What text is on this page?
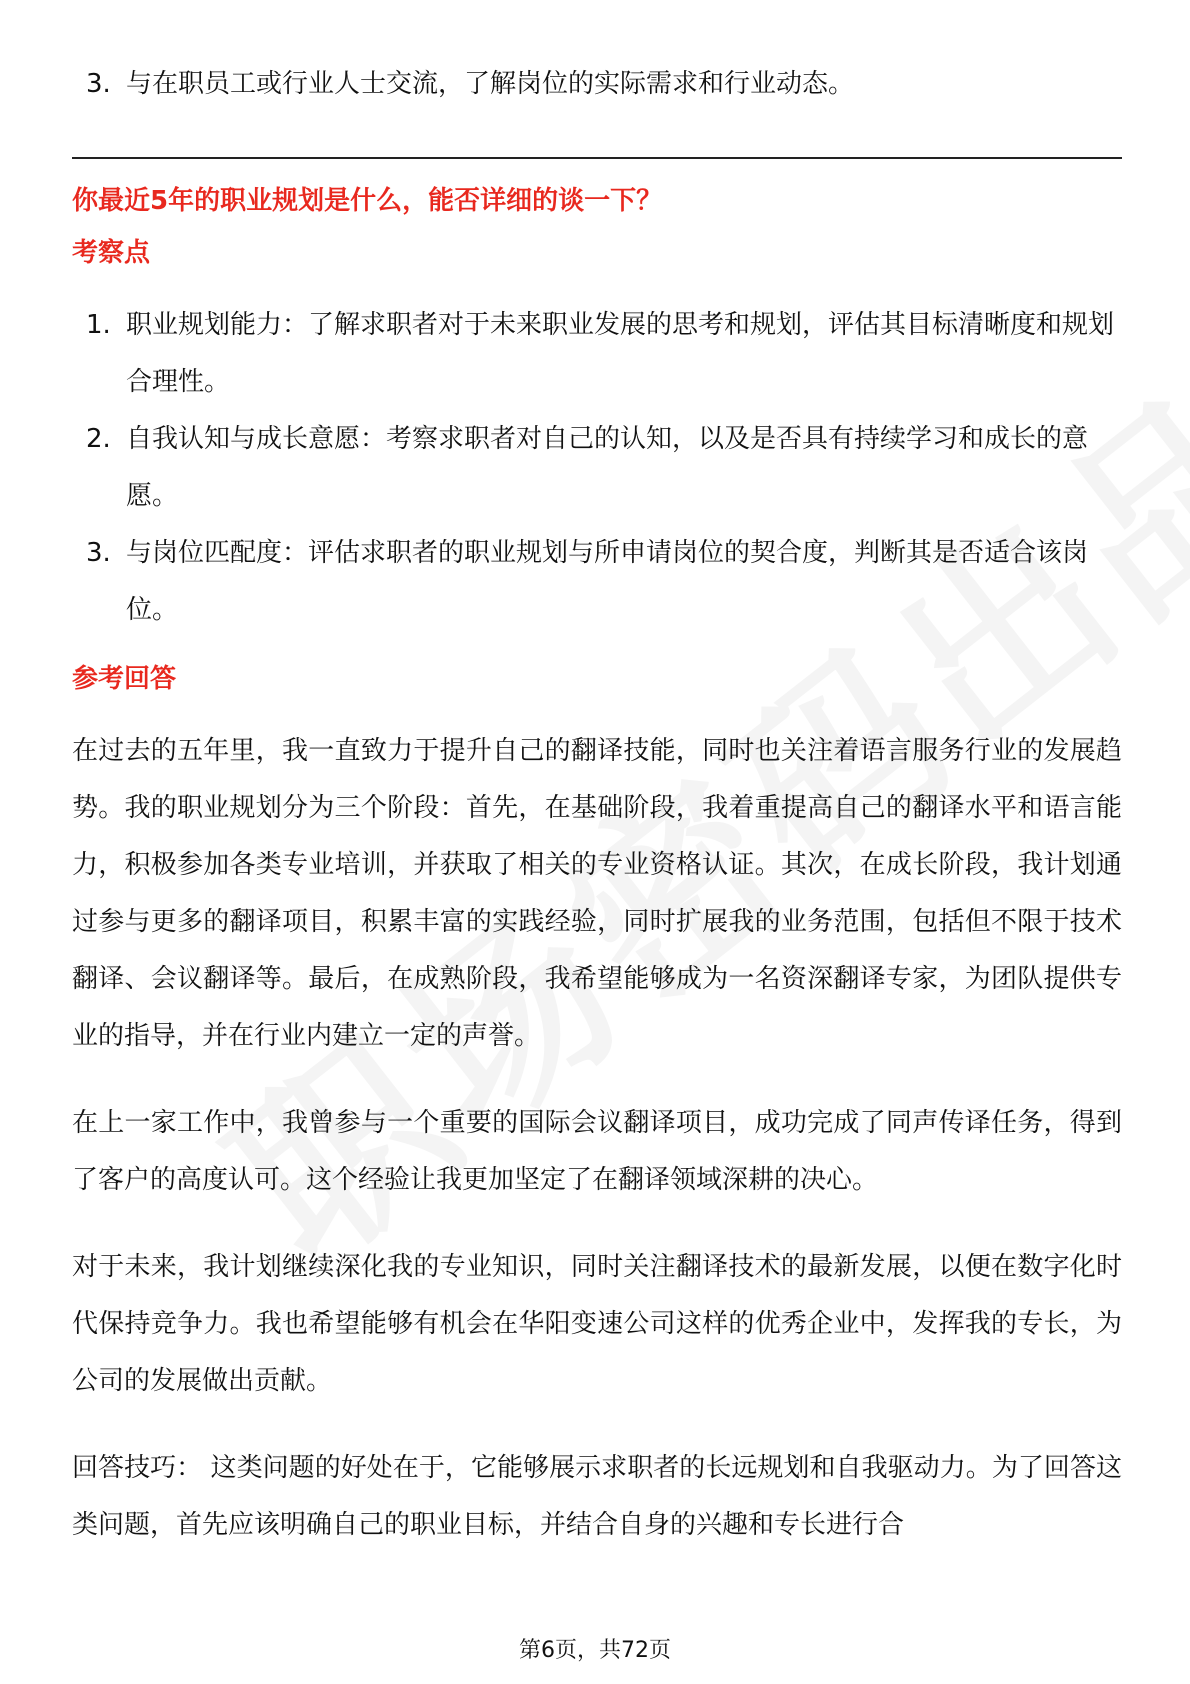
3. 与在职员工或行业人士交流，了解岗位的实际需求和行业动态。
你最近5年的职业规划是什么，能否详细的谈一下？
考察点
1. 职业规划能力：了解求职者对于未来职业发展的思考和规划，评估其目标清晰度和规划合理性。
2. 自我认知与成长意愿：考察求职者对自己的认知，以及是否具有持续学习和成长的意愿。
3. 与岗位匹配度：评估求职者的职业规划与所申请岗位的契合度，判断其是否适合该岗位。
参考回答

在过去的五年里，我一直致力于提升自己的翻译技能，同时也关注着语言服务行业的发展趋势。我的职业规划分为三个阶段：首先，在基础阶段，我着重提高自己的翻译水平和语言能力，积极参加各类专业培训，并获取了相关的专业资格认证。其次，在成长阶段，我计划通过参与更多的翻译项目，积累丰富的实践经验，同时扩展我的业务范围，包括但不限于技术翻译、会议翻译等。最后，在成熟阶段，我希望能够成为一名资深翻译专家，为团队提供专业的指导，并在行业内建立一定的声誉。

在上一家工作中，我曾参与一个重要的国际会议翻译项目，成功完成了同声传译任务，得到了客户的高度认可。这个经验让我更加坚定了在翻译领域深耕的决心。

对于未来，我计划继续深化我的专业知识，同时关注翻译技术的最新发展，以便在数字化时代保持竞争力。我也希望能够有机会在华阳变速公司这样的优秀企业中，发挥我的专长，为公司的发展做出贡献。

回答技巧： 这类问题的好处在于，它能够展示求职者的长远规划和自我驱动力。为了回答这类问题，首先应该明确自己的职业目标，并结合自身的兴趣和专长进行合

第6页，共72页
